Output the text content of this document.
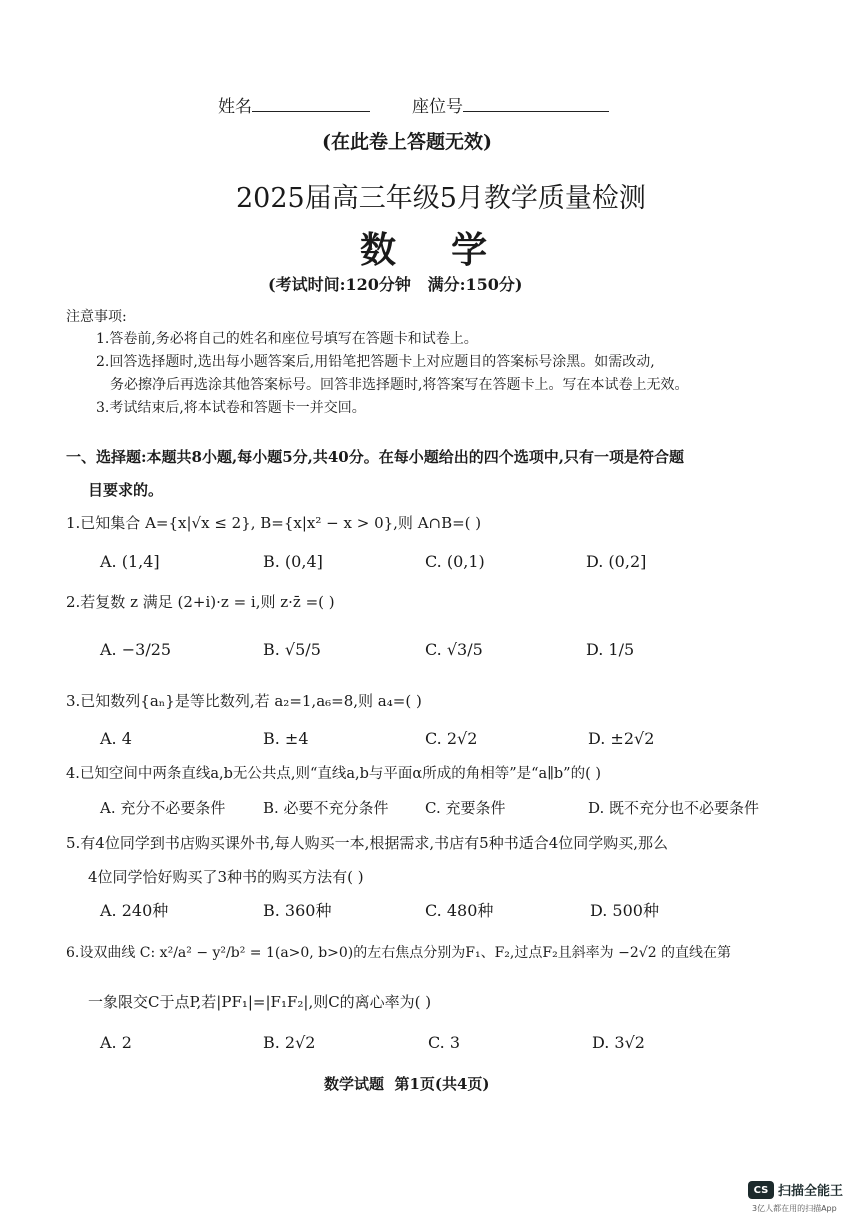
姓名	座位号
(在此卷上答题无效)
2025届高三年级5月教学质量检测
数  学
(考试时间:120分钟   满分:150分)
注意事项:
1.答卷前,务必将自己的姓名和座位号填写在答题卡和试卷上。
2.回答选择题时,选出每小题答案后,用铅笔把答题卡上对应题目的答案标号涂黑。如需改动,
务必擦净后再选涂其他答案标号。回答非选择题时,将答案写在答题卡上。写在本试卷上无效。
3.考试结束后,将本试卷和答题卡一并交回。
一、选择题:本题共8小题,每小题5分,共40分。在每小题给出的四个选项中,只有一项是符合题
目要求的。
1.已知集合 A={x|√x ≤ 2}, B={x|x² − x > 0},则 A∩B=( )
A. (1,4]	B. (0,4]	C. (0,1)	D. (0,2]
2.若复数 z 满足 (2+i)·z = i,则 z·z̄ =( )
A. −3/25	B. √5/5	C. √3/5	D. 1/5
3.已知数列{aₙ}是等比数列,若 a₂=1,a₆=8,则 a₄=( )
A. 4	B. ±4	C. 2√2	D. ±2√2
4.已知空间中两条直线a,b无公共点,则“直线a,b与平面α所成的角相等”是“a∥b”的( )
A. 充分不必要条件	B. 必要不充分条件 C. 充要条件	D. 既不充分也不必要条件
5.有4位同学到书店购买课外书,每人购买一本,根据需求,书店有5种书适合4位同学购买,那么
4位同学恰好购买了3种书的购买方法有( )
A. 240种	B. 360种	C. 480种	D. 500种
6.设双曲线 C: x²/a² − y²/b² = 1(a>0, b>0)的左右焦点分别为F₁、F₂,过点F₂且斜率为 −2√2 的直线在第
一象限交C于点P,若|PF₁|=|F₁F₂|,则C的离心率为( )
A. 2	B. 2√2	C. 3	D. 3√2
数学试题  第1页(共4页)
CS 扫描全能王
3亿人都在用的扫描App
